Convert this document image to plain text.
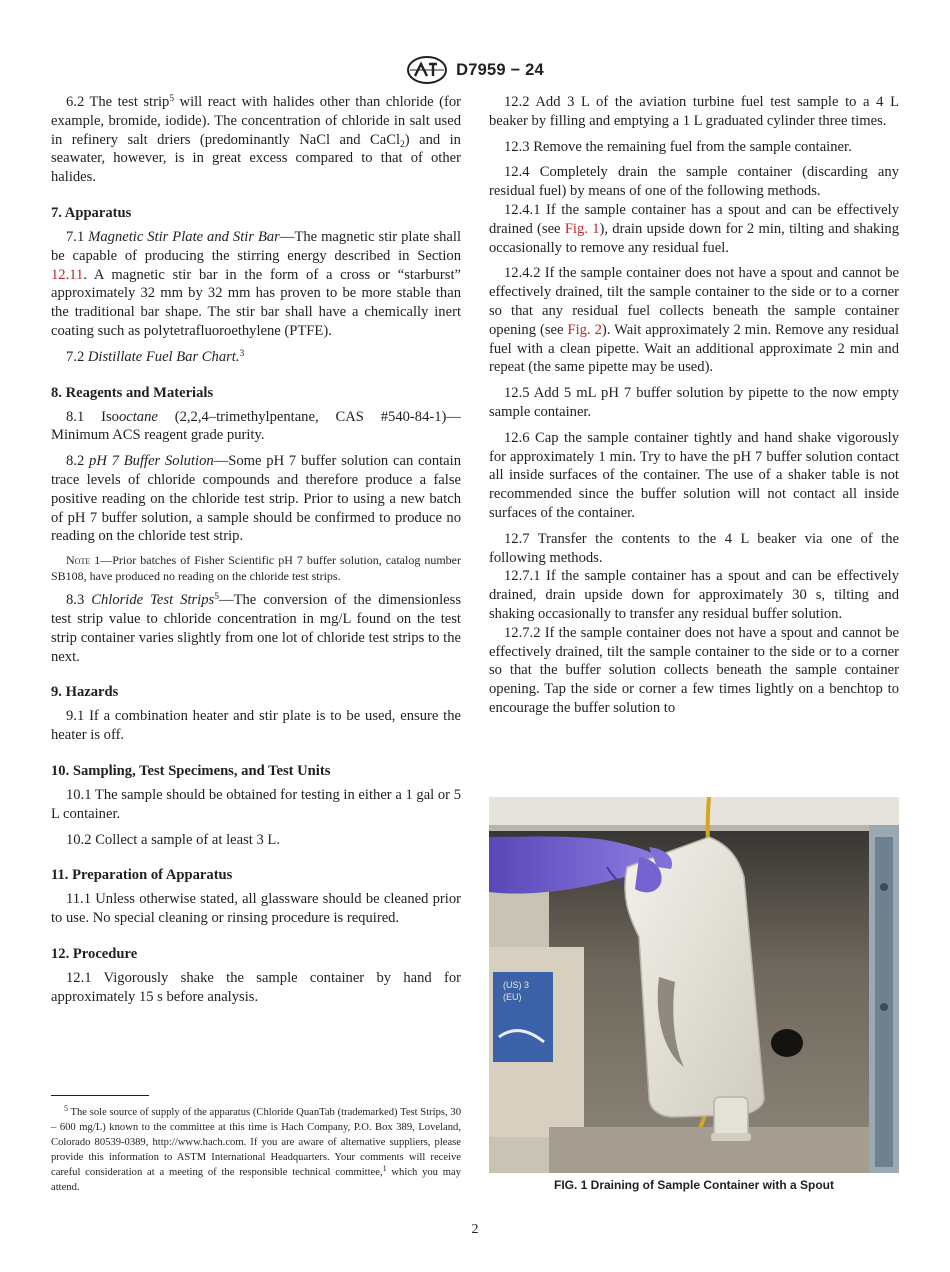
D7959 − 24

6.2 The test strip$^5$ will react with halides other than chloride (for example, bromide, iodide). The concentration of chloride in salt used in refinery salt driers (predominantly NaCl and CaCl$_2$) and in seawater, however, is in great excess compared to that of other halides.

7. Apparatus

7.1 Magnetic Stir Plate and Stir Bar—The magnetic stir plate shall be capable of producing the stirring energy described in Section 12.11. A magnetic stir bar in the form of a cross or “starburst” approximately 32 mm by 32 mm has proven to be more stable than the traditional bar shape. The stir bar shall have a chemically inert coating such as polytetrafluoroethylene (PTFE).

7.2 Distillate Fuel Bar Chart.$^3$

8. Reagents and Materials

8.1 Isooctane (2,2,4–trimethylpentane, CAS #540-84-1)—Minimum ACS reagent grade purity.

8.2 pH 7 Buffer Solution—Some pH 7 buffer solution can contain trace levels of chloride compounds and therefore produce a false positive reading on the chloride test strip. Prior to using a new batch of pH 7 buffer solution, a sample should be confirmed to produce no reading on the chloride test strip.

Note 1—Prior batches of Fisher Scientific pH 7 buffer solution, catalog number SB108, have produced no reading on the chloride test strips.

8.3 Chloride Test Strips$^5$—The conversion of the dimensionless test strip value to chloride concentration in mg/L found on the test strip container varies slightly from one lot of chloride test strips to the next.

9. Hazards

9.1 If a combination heater and stir plate is to be used, ensure the heater is off.

10. Sampling, Test Specimens, and Test Units

10.1 The sample should be obtained for testing in either a 1 gal or 5 L container.

10.2 Collect a sample of at least 3 L.

11. Preparation of Apparatus

11.1 Unless otherwise stated, all glassware should be cleaned prior to use. No special cleaning or rinsing procedure is required.

12. Procedure

12.1 Vigorously shake the sample container by hand for approximately 15 s before analysis.

$^5$ The sole source of supply of the apparatus (Chloride QuanTab (trademarked) Test Strips, 30 – 600 mg/L) known to the committee at this time is Hach Company, P.O. Box 389, Loveland, Colorado 80539-0389, http://www.hach.com. If you are aware of alternative suppliers, please provide this information to ASTM International Headquarters. Your comments will receive careful consideration at a meeting of the responsible technical committee,$^1$ which you may attend.

12.2 Add 3 L of the aviation turbine fuel test sample to a 4 L beaker by filling and emptying a 1 L graduated cylinder three times.

12.3 Remove the remaining fuel from the sample container.

12.4 Completely drain the sample container (discarding any residual fuel) by means of one of the following methods.

12.4.1 If the sample container has a spout and can be effectively drained (see Fig. 1), drain upside down for 2 min, tilting and shaking occasionally to remove any residual fuel.

12.4.2 If the sample container does not have a spout and cannot be effectively drained, tilt the sample container to the side or to a corner so that any residual fuel collects beneath the sample container opening (see Fig. 2). Wait approximately 2 min. Remove any residual fuel with a clean pipette. Wait an additional approximate 2 min and repeat (the same pipette may be used).

12.5 Add 5 mL pH 7 buffer solution by pipette to the now empty sample container.

12.6 Cap the sample container tightly and hand shake vigorously for approximately 1 min. Try to have the pH 7 buffer solution contact all inside surfaces of the container. The use of a shaker table is not recommended since the buffer solution will not contact all inside surfaces of the container.

12.7 Transfer the contents to the 4 L beaker via one of the following methods.

12.7.1 If the sample container has a spout and can be effectively drained, drain upside down for approximately 30 s, tilting and shaking occasionally to transfer any residual buffer solution.

12.7.2 If the sample container does not have a spout and cannot be effectively drained, tilt the sample container to the side or to a corner so that the buffer solution collects beneath the sample container opening. Tap the side or corner a few times lightly on a benchtop to encourage the buffer solution to

(US) 3
(EU)
FIG. 1 Draining of Sample Container with a Spout
2
